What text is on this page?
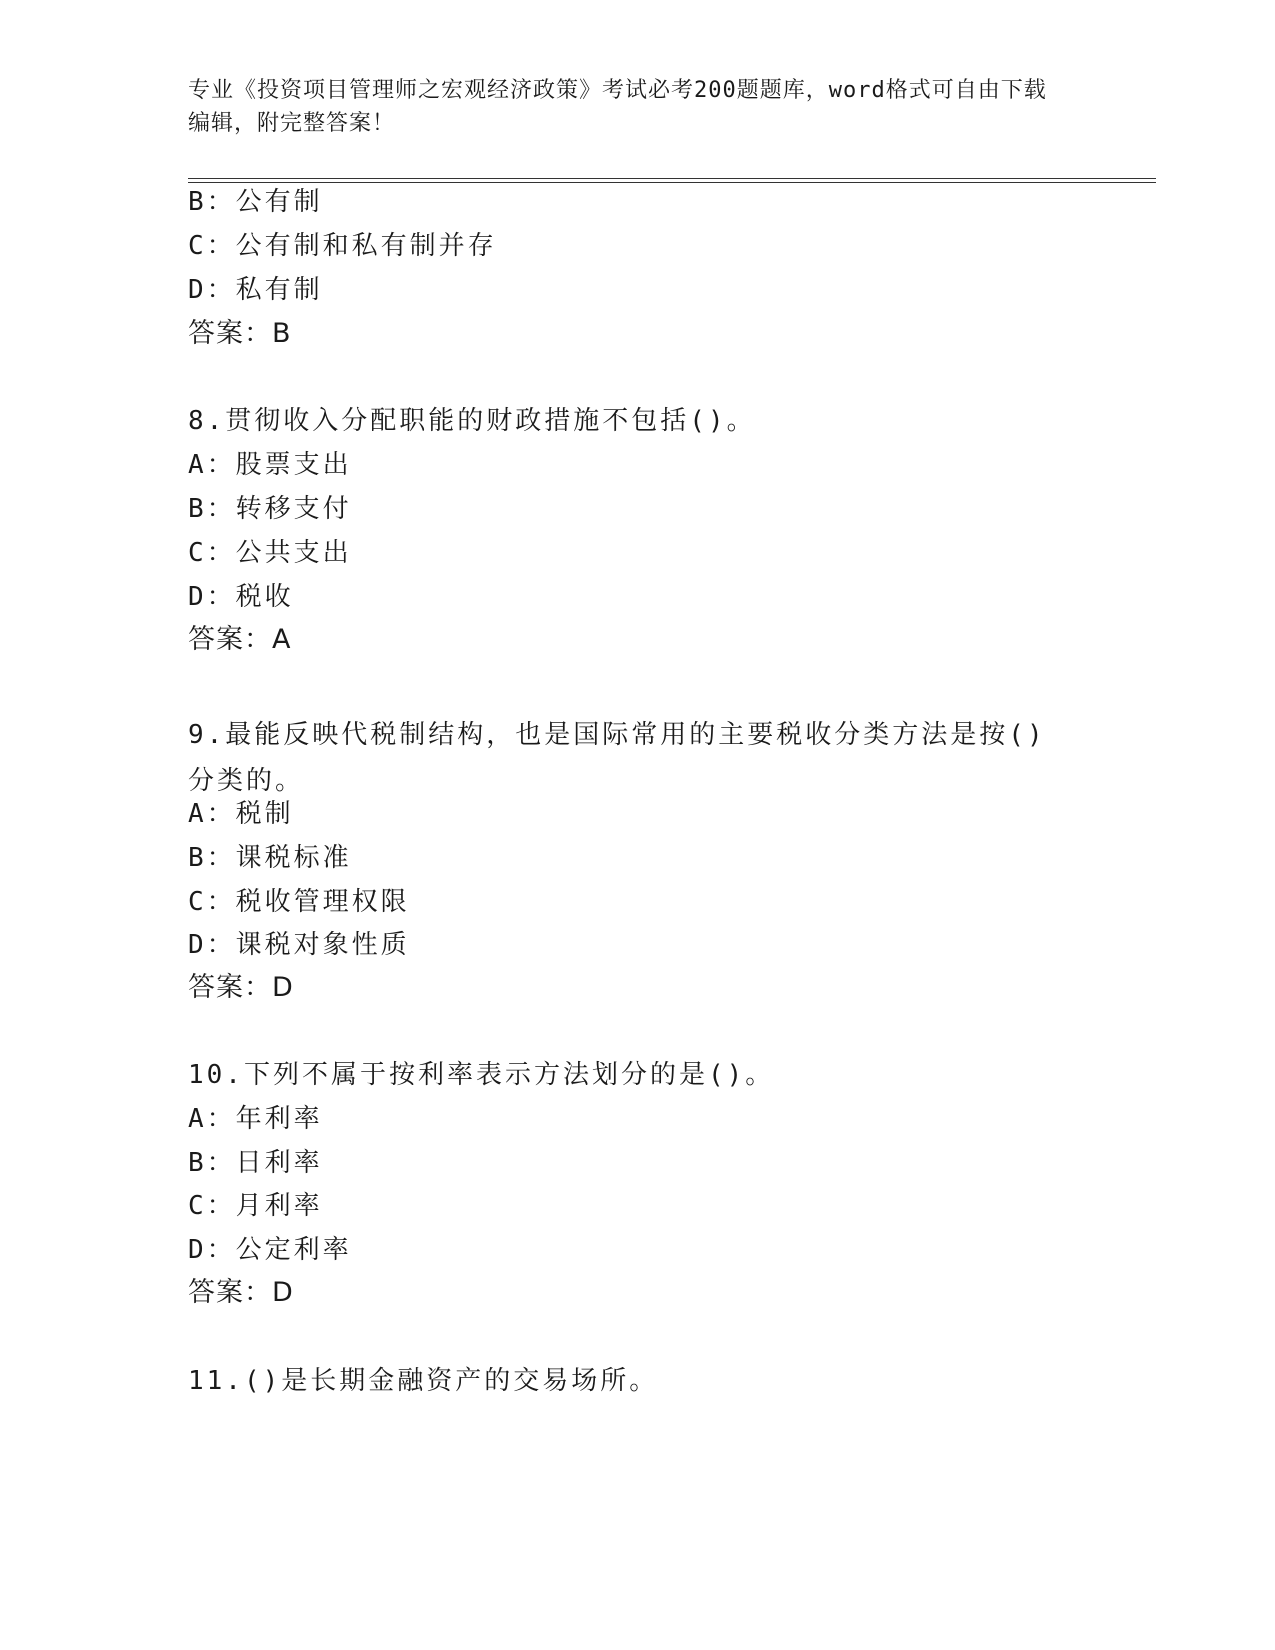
专业《投资项目管理师之宏观经济政策》考试必考200题题库，word格式可自由下载编辑，附完整答案！

B：公有制

C：公有制和私有制并存

D：私有制

答案：B

8.贯彻收入分配职能的财政措施不包括()。

A：股票支出

B：转移支付

C：公共支出

D：税收

答案：A

9.最能反映代税制结构，也是国际常用的主要税收分类方法是按()分类的。

A：税制

B：课税标准

C：税收管理权限

D：课税对象性质

答案：D

10.下列不属于按利率表示方法划分的是()。

A：年利率

B：日利率

C：月利率

D：公定利率

答案：D

11.()是长期金融资产的交易场所。
